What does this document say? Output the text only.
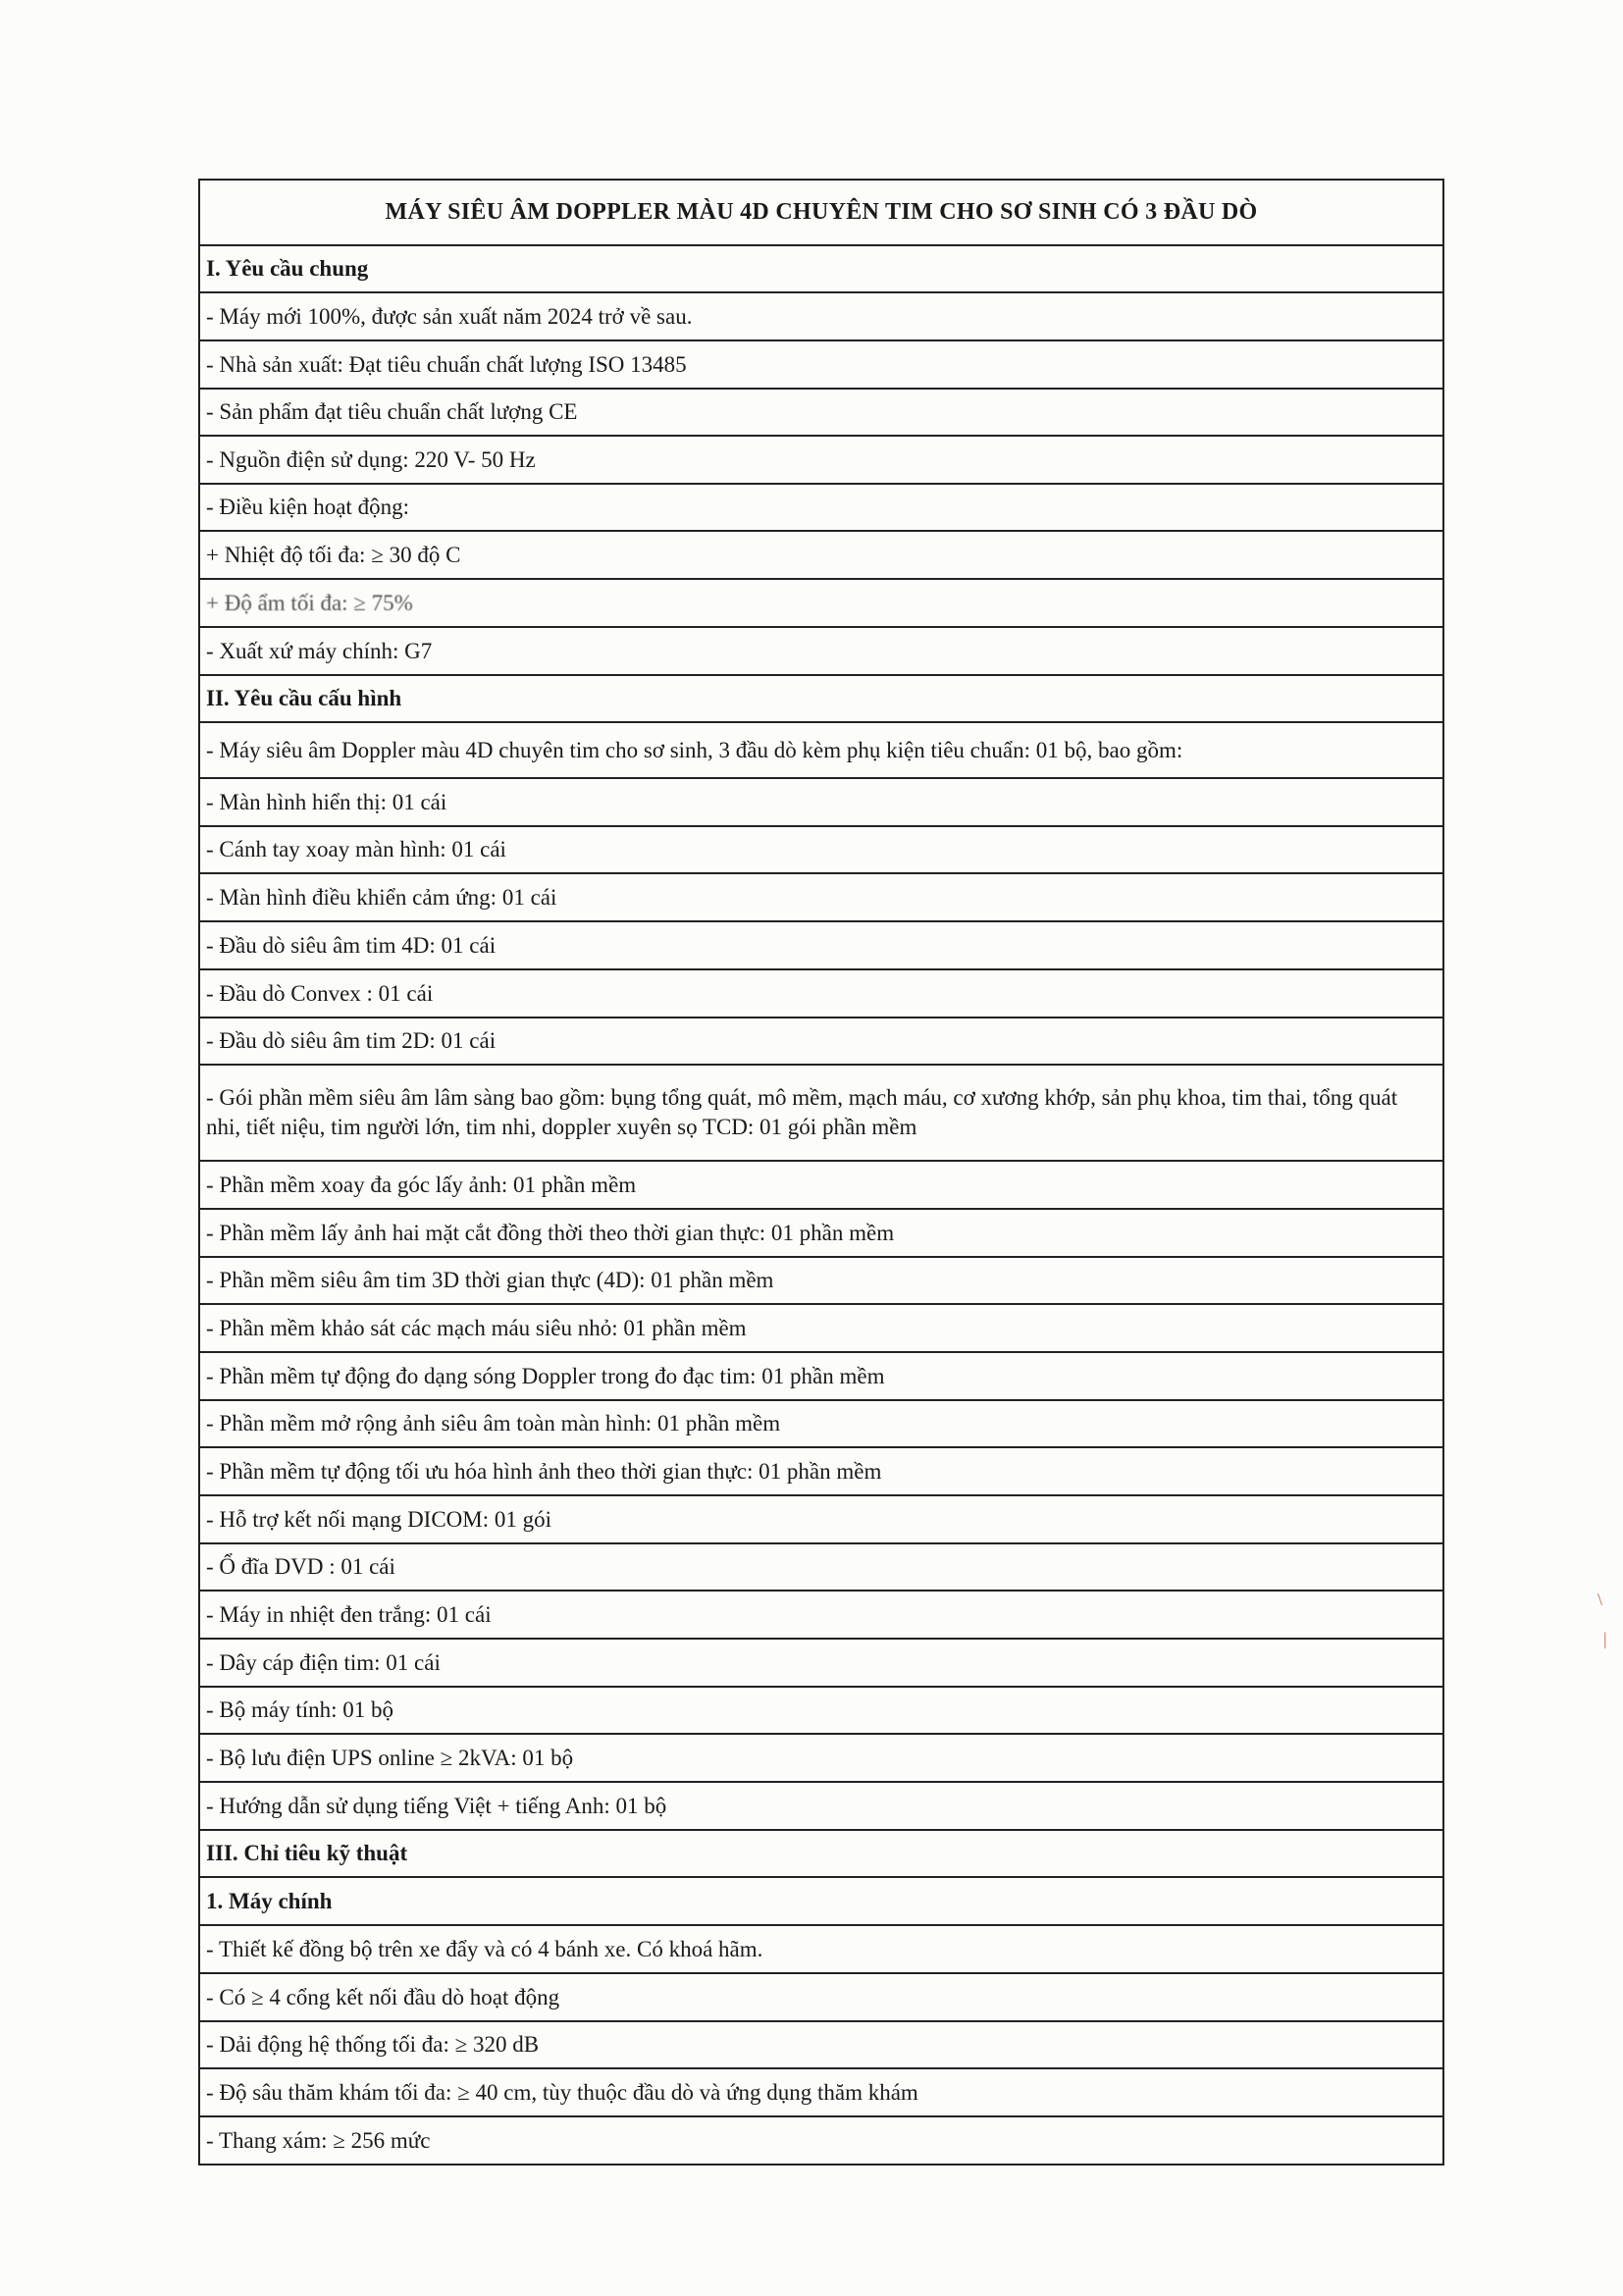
MÁY SIÊU ÂM DOPPLER MÀU 4D CHUYÊN TIM CHO SƠ SINH CÓ 3 ĐẦU DÒ
I. Yêu cầu chung
- Máy mới 100%, được sản xuất năm 2024 trở về sau.
- Nhà sản xuất: Đạt tiêu chuẩn chất lượng ISO 13485
- Sản phẩm đạt tiêu chuẩn chất lượng CE
- Nguồn điện sử dụng: 220 V- 50 Hz
- Điều kiện hoạt động:
+ Nhiệt độ tối đa: ≥ 30 độ C
+ Độ ẩm tối đa: ≥ 75%
- Xuất xứ máy chính: G7
II. Yêu cầu cấu hình
- Máy siêu âm Doppler màu 4D chuyên tim cho sơ sinh, 3 đầu dò kèm phụ kiện tiêu chuẩn: 01 bộ, bao gồm:
- Màn hình hiển thị: 01 cái
- Cánh tay xoay màn hình: 01 cái
- Màn hình điều khiển cảm ứng: 01 cái
- Đầu dò siêu âm tim 4D: 01 cái
- Đầu dò Convex : 01 cái
- Đầu dò siêu âm tim 2D: 01 cái
- Gói phần mềm siêu âm lâm sàng bao gồm: bụng tổng quát, mô mềm, mạch máu, cơ xương khớp, sản phụ khoa, tim thai, tổng quát nhi, tiết niệu, tim người lớn, tim nhi, doppler xuyên sọ TCD: 01 gói phần mềm
- Phần mềm xoay đa góc lấy ảnh: 01 phần mềm
- Phần mềm lấy ảnh hai mặt cắt đồng thời theo thời gian thực: 01 phần mềm
- Phần mềm siêu âm tim 3D thời gian thực (4D): 01 phần mềm
- Phần mềm khảo sát các mạch máu siêu nhỏ: 01 phần mềm
- Phần mềm tự động đo dạng sóng Doppler trong đo đạc tim: 01 phần mềm
- Phần mềm mở rộng ảnh siêu âm toàn màn hình: 01 phần mềm
- Phần mềm tự động tối ưu hóa hình ảnh theo thời gian thực: 01 phần mềm
- Hỗ trợ kết nối mạng DICOM: 01 gói
- Ổ đĩa DVD : 01 cái
- Máy in nhiệt đen trắng: 01 cái
- Dây cáp điện tim: 01 cái
- Bộ máy tính: 01 bộ
- Bộ lưu điện UPS online ≥ 2kVA: 01 bộ
- Hướng dẫn sử dụng tiếng Việt + tiếng Anh: 01 bộ
III. Chỉ tiêu kỹ thuật
1. Máy chính
- Thiết kế đồng bộ trên xe đẩy và có 4 bánh xe. Có khoá hãm.
- Có ≥ 4 cổng kết nối đầu dò hoạt động
- Dải động hệ thống tối đa: ≥ 320 dB
- Độ sâu thăm khám tối đa: ≥ 40 cm, tùy thuộc đầu dò và ứng dụng thăm khám
- Thang xám: ≥ 256 mức
\
|
